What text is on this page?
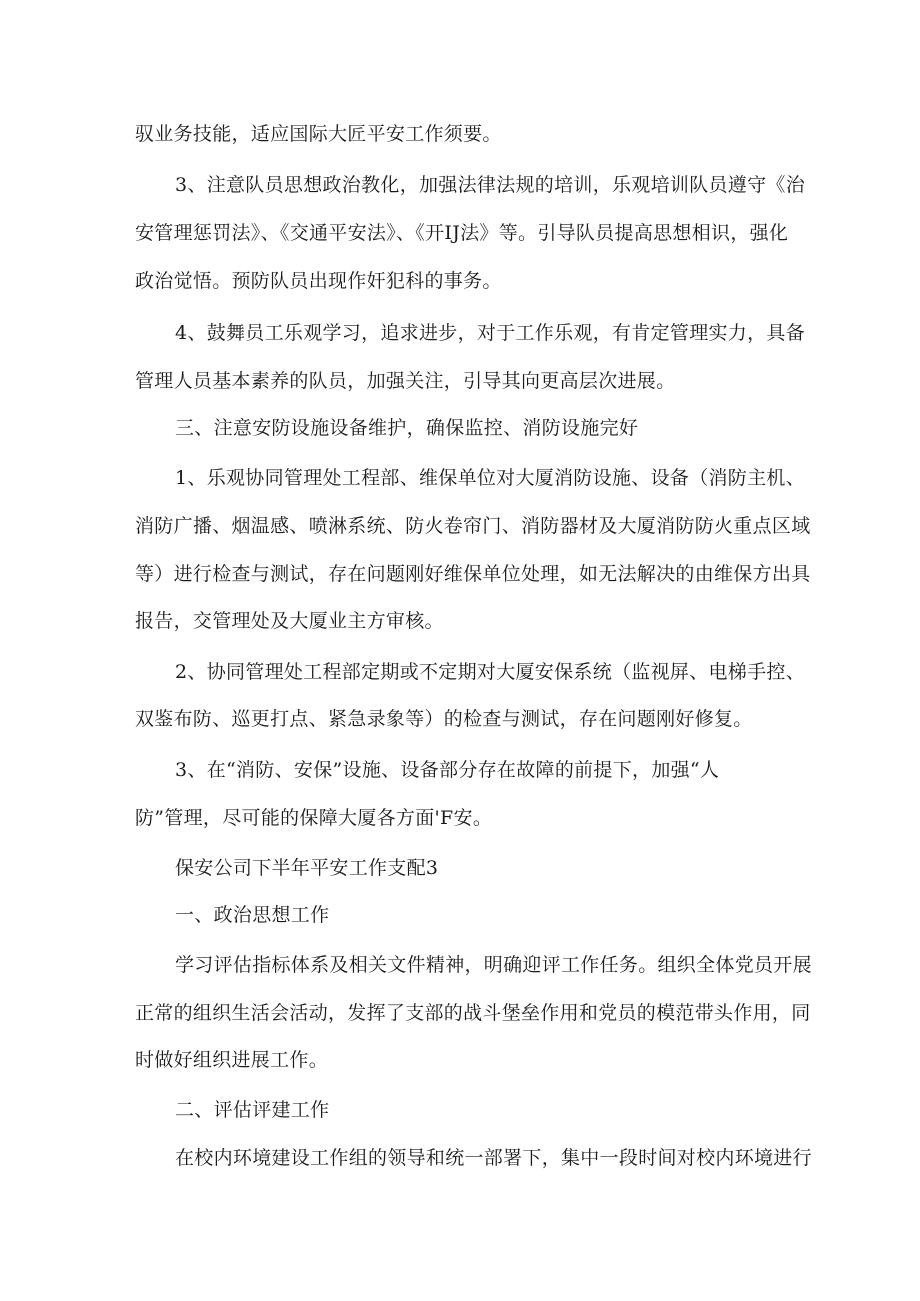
驭业务技能，适应国际大匠平安工作须要。

3、注意队员思想政治教化，加强法律法规的培训，乐观培训队员遵守《治

安管理惩罚法》、《交通平安法》、《开IJ法》等。引导队员提高思想相识，强化

政治觉悟。预防队员出现作奸犯科的事务。

4、鼓舞员工乐观学习，追求进步，对于工作乐观，有肯定管理实力，具备

管理人员基本素养的队员，加强关注，引导其向更高层次进展。

三、注意安防设施设备维护，确保监控、消防设施完好

1、乐观协同管理处工程部、维保单位对大厦消防设施、设备（消防主机、

消防广播、烟温感、喷淋系统、防火卷帘门、消防器材及大厦消防防火重点区域

等）进行检查与测试，存在问题刚好维保单位处理，如无法解决的由维保方出具

报告，交管理处及大厦业主方审核。

2、协同管理处工程部定期或不定期对大厦安保系统（监视屏、电梯手控、

双鉴布防、巡更打点、紧急录象等）的检查与测试，存在问题刚好修复。

3、在“消防、安保”设施、设备部分存在故障的前提下，加强“人

防”管理，尽可能的保障大厦各方面'F安。

保安公司下半年平安工作支配3

一、政治思想工作

学习评估指标体系及相关文件精神，明确迎评工作任务。组织全体党员开展

正常的组织生活会活动，发挥了支部的战斗堡垒作用和党员的模范带头作用，同

时做好组织进展工作。

二、评估评建工作

在校内环境建设工作组的领导和统一部署下，集中一段时间对校内环境进行
